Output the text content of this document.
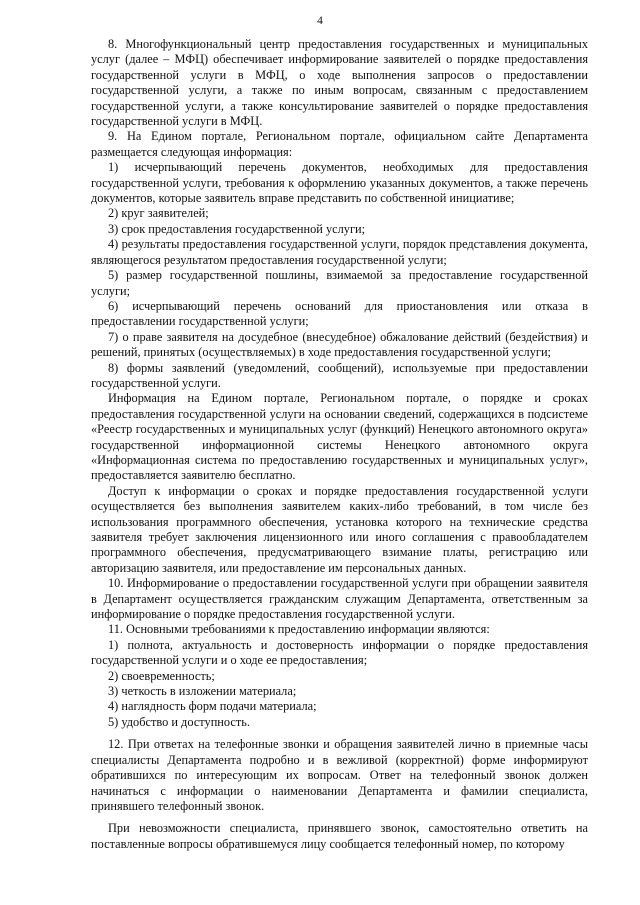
4

8. Многофункциональный центр предоставления государственных и муниципальных услуг (далее – МФЦ) обеспечивает информирование заявителей о порядке предоставления государственной услуги в МФЦ, о ходе выполнения запросов о предоставлении государственной услуги, а также по иным вопросам, связанным с предоставлением государственной услуги, а также консультирование заявителей о порядке предоставления государственной услуги в МФЦ.

9. На Едином портале, Региональном портале, официальном сайте Департамента размещается следующая информация:

1) исчерпывающий перечень документов, необходимых для предоставления государственной услуги, требования к оформлению указанных документов, а также перечень документов, которые заявитель вправе представить по собственной инициативе;

2) круг заявителей;

3) срок предоставления государственной услуги;

4) результаты предоставления государственной услуги, порядок представления документа, являющегося результатом предоставления государственной услуги;

5) размер государственной пошлины, взимаемой за предоставление государственной услуги;

6) исчерпывающий перечень оснований для приостановления или отказа в предоставлении государственной услуги;

7) о праве заявителя на досудебное (внесудебное) обжалование действий (бездействия) и решений, принятых (осуществляемых) в ходе предоставления государственной услуги;

8) формы заявлений (уведомлений, сообщений), используемые при предоставлении государственной услуги.

Информация на Едином портале, Региональном портале, о порядке и сроках предоставления государственной услуги на основании сведений, содержащихся в подсистеме «Реестр государственных и муниципальных услуг (функций) Ненецкого автономного округа» государственной информационной системы Ненецкого автономного округа «Информационная система по предоставлению государственных и муниципальных услуг», предоставляется заявителю бесплатно.

Доступ к информации о сроках и порядке предоставления государственной услуги осуществляется без выполнения заявителем каких-либо требований, в том числе без использования программного обеспечения, установка которого на технические средства заявителя требует заключения лицензионного или иного соглашения с правообладателем программного обеспечения, предусматривающего взимание платы, регистрацию или авторизацию заявителя, или предоставление им персональных данных.

10. Информирование о предоставлении государственной услуги при обращении заявителя в Департамент осуществляется гражданским служащим Департамента, ответственным за информирование о порядке предоставления государственной услуги.

11. Основными требованиями к предоставлению информации являются:

1) полнота, актуальность и достоверность информации о порядке предоставления государственной услуги и о ходе ее предоставления;

2) своевременность;

3) четкость в изложении материала;

4) наглядность форм подачи материала;

5) удобство и доступность.

12. При ответах на телефонные звонки и обращения заявителей лично в приемные часы специалисты Департамента подробно и в вежливой (корректной) форме информируют обратившихся по интересующим их вопросам. Ответ на телефонный звонок должен начинаться с информации о наименовании Департамента и фамилии специалиста, принявшего телефонный звонок.

При невозможности специалиста, принявшего звонок, самостоятельно ответить на поставленные вопросы обратившемуся лицу сообщается телефонный номер, по которому
